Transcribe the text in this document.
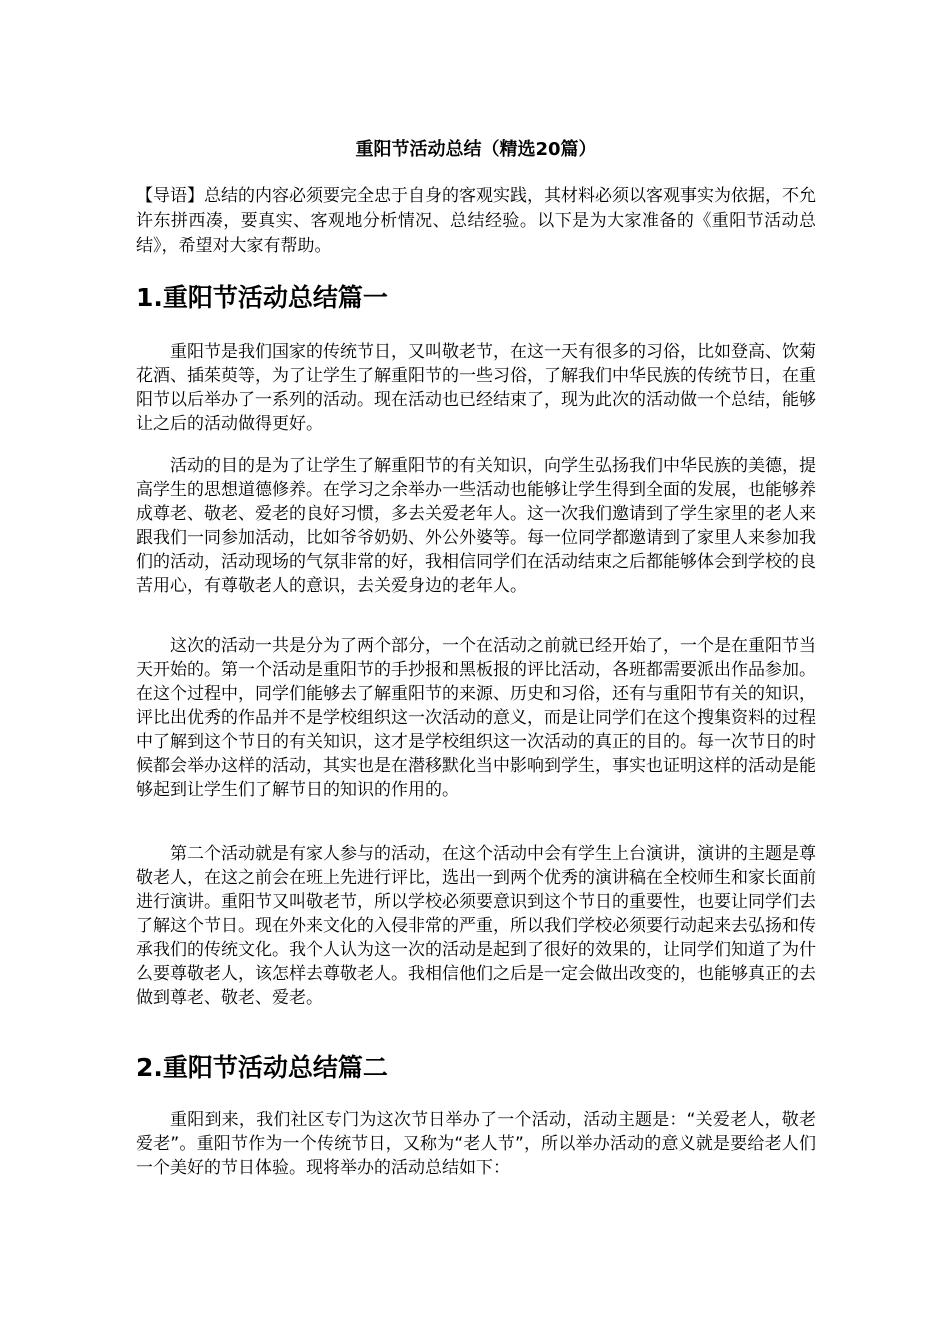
重阳节活动总结（精选20篇）

【导语】总结的内容必须要完全忠于自身的客观实践，其材料必须以客观事实为依据，不允许东拼西凑，要真实、客观地分析情况、总结经验。以下是为大家准备的《重阳节活动总结》，希望对大家有帮助。

1.重阳节活动总结篇一

重阳节是我们国家的传统节日，又叫敬老节，在这一天有很多的习俗，比如登高、饮菊花酒、插茱萸等，为了让学生了解重阳节的一些习俗，了解我们中华民族的传统节日，在重阳节以后举办了一系列的活动。现在活动也已经结束了，现为此次的活动做一个总结，能够让之后的活动做得更好。

活动的目的是为了让学生了解重阳节的有关知识，向学生弘扬我们中华民族的美德，提高学生的思想道德修养。在学习之余举办一些活动也能够让学生得到全面的发展，也能够养成尊老、敬老、爱老的良好习惯，多去关爱老年人。这一次我们邀请到了学生家里的老人来跟我们一同参加活动，比如爷爷奶奶、外公外婆等。每一位同学都邀请到了家里人来参加我们的活动，活动现场的气氛非常的好，我相信同学们在活动结束之后都能够体会到学校的良苦用心，有尊敬老人的意识，去关爱身边的老年人。

这次的活动一共是分为了两个部分，一个在活动之前就已经开始了，一个是在重阳节当天开始的。第一个活动是重阳节的手抄报和黑板报的评比活动，各班都需要派出作品参加。在这个过程中，同学们能够去了解重阳节的来源、历史和习俗，还有与重阳节有关的知识，评比出优秀的作品并不是学校组织这一次活动的意义，而是让同学们在这个搜集资料的过程中了解到这个节日的有关知识，这才是学校组织这一次活动的真正的目的。每一次节日的时候都会举办这样的活动，其实也是在潜移默化当中影响到学生，事实也证明这样的活动是能够起到让学生们了解节日的知识的作用的。

第二个活动就是有家人参与的活动，在这个活动中会有学生上台演讲，演讲的主题是尊敬老人，在这之前会在班上先进行评比，选出一到两个优秀的演讲稿在全校师生和家长面前进行演讲。重阳节又叫敬老节，所以学校必须要意识到这个节日的重要性，也要让同学们去了解这个节日。现在外来文化的入侵非常的严重，所以我们学校必须要行动起来去弘扬和传承我们的传统文化。我个人认为这一次的活动是起到了很好的效果的，让同学们知道了为什么要尊敬老人，该怎样去尊敬老人。我相信他们之后是一定会做出改变的，也能够真正的去做到尊老、敬老、爱老。

2.重阳节活动总结篇二

重阳到来，我们社区专门为这次节日举办了一个活动，活动主题是：“关爱老人，敬老爱老”。重阳节作为一个传统节日，又称为“老人节”，所以举办活动的意义就是要给老人们一个美好的节日体验。现将举办的活动总结如下：
